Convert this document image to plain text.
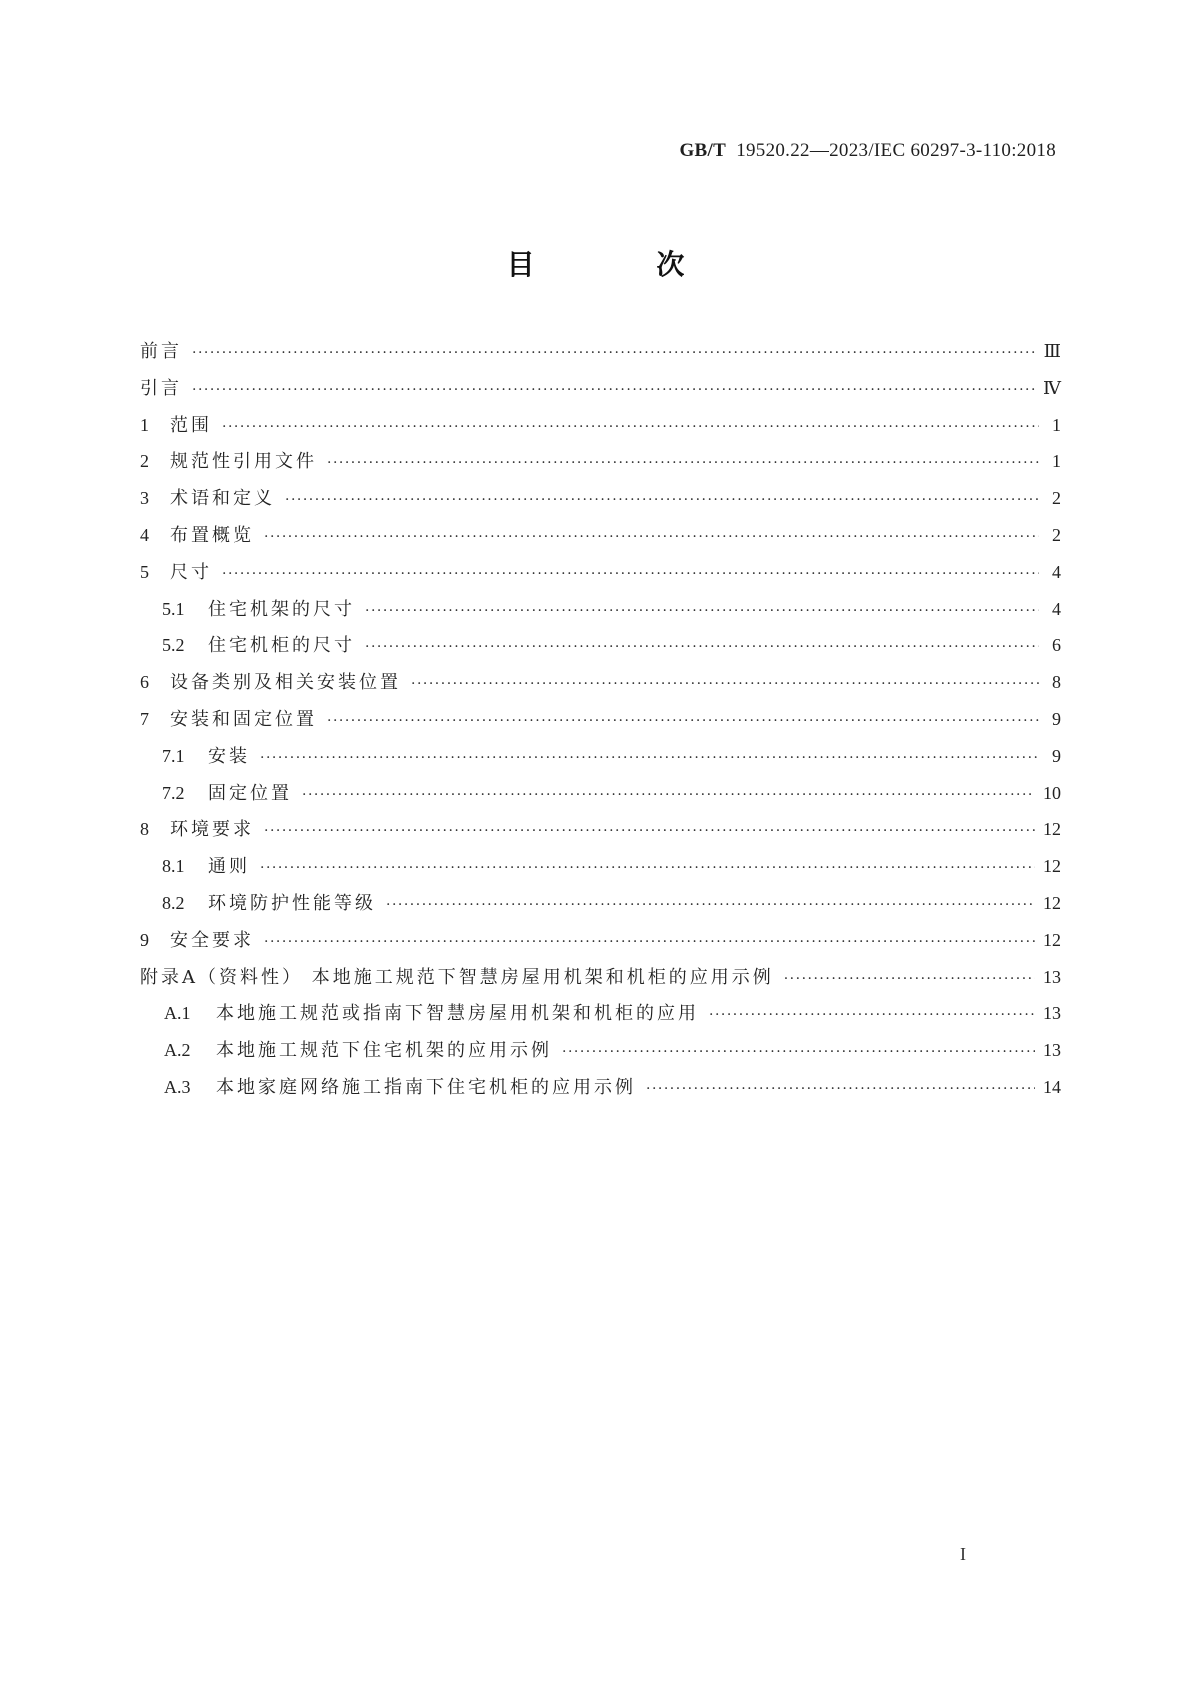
GB/T 19520.22—2023/IEC 60297-3-110:2018
目 次
前言 ·····	Ⅲ
引言 ·····	Ⅳ
1	范围 ·····	1
2	规范性引用文件 ·····	1
3	术语和定义 ·····	2
4	布置概览 ·····	2
5	尺寸 ·····	4
5.1	住宅机架的尺寸 ·····	4
5.2	住宅机柜的尺寸 ·····	6
6	设备类别及相关安装位置 ·····	8
7	安装和固定位置 ·····	9
7.1	安装 ·····	9
7.2	固定位置 ·····	10
8	环境要求 ·····	12
8.1	通则 ·····	12
8.2	环境防护性能等级 ·····	12
9	安全要求 ·····	12
附录A（资料性） 本地施工规范下智慧房屋用机架和机柜的应用示例 ·····	13
A.1	本地施工规范或指南下智慧房屋用机架和机柜的应用 ·····	13
A.2	本地施工规范下住宅机架的应用示例 ·····	13
A.3	本地家庭网络施工指南下住宅机柜的应用示例 ·····	14
I
